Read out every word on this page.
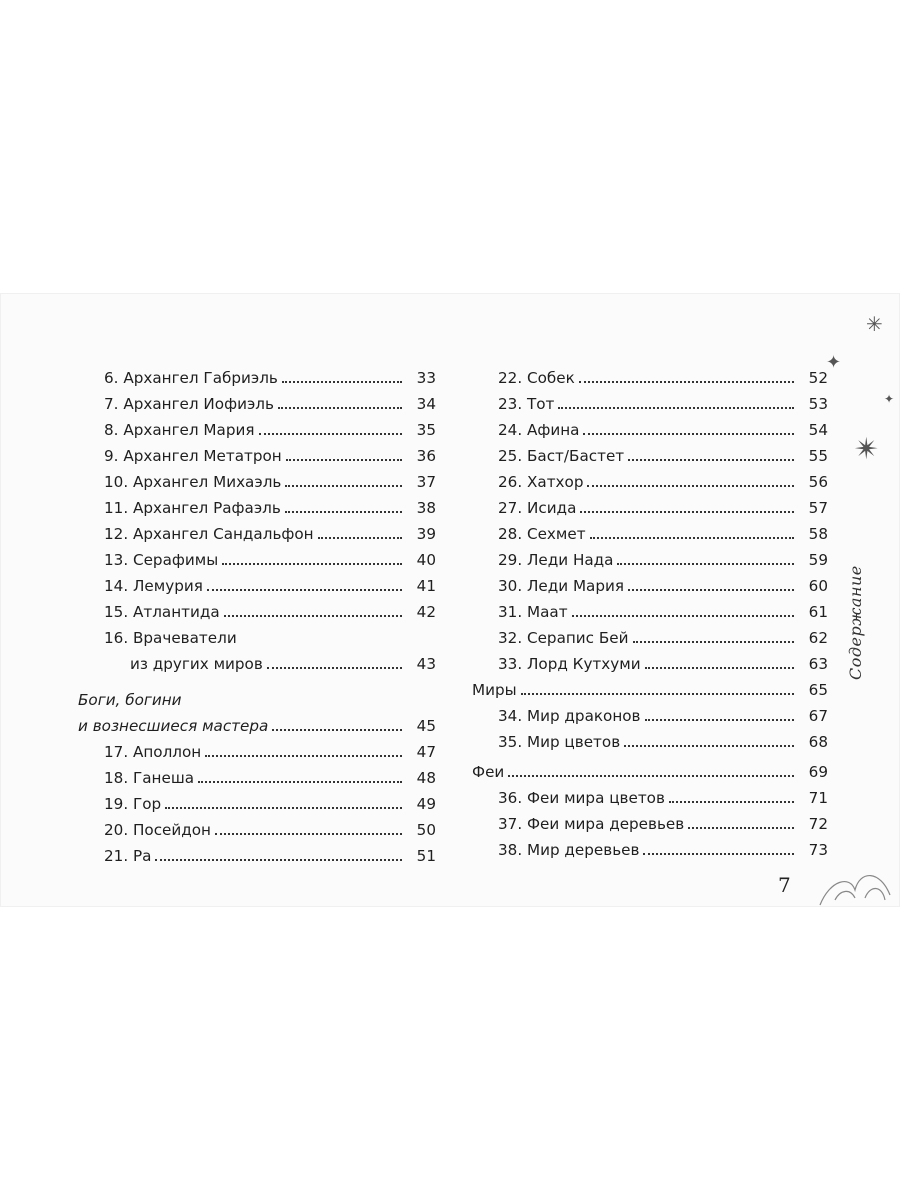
6. Архангел Габриэль	33
7. Архангел Иофиэль	34
8. Архангел Мария	35
9. Архангел Метатрон	36
10. Архангел Михаэль	37
11. Архангел Рафаэль	38
12. Архангел Сандальфон	39
13. Серафимы	40
14. Лемурия	41
15. Атлантида	42
16. Врачеватели
из других миров	43
Боги, богини
и вознесшиеся мастера	45
17. Аполлон	47
18. Ганеша	48
19. Гор	49
20. Посейдон	50
21. Ра	51
22. Собек	52
23. Тот	53
24. Афина	54
25. Баст/Бастет	55
26. Хатхор	56
27. Исида	57
28. Сехмет	58
29. Леди Нада	59
30. Леди Мария	60
31. Маат	61
32. Серапис Бей	62
33. Лорд Кутхуми	63
Миры	65
34. Мир драконов	67
35. Мир цветов	68
Феи	69
36. Феи мира цветов	71
37. Феи мира деревьев	72
38. Мир деревьев	73
7
Содержание
✳
✦
✦
✴
